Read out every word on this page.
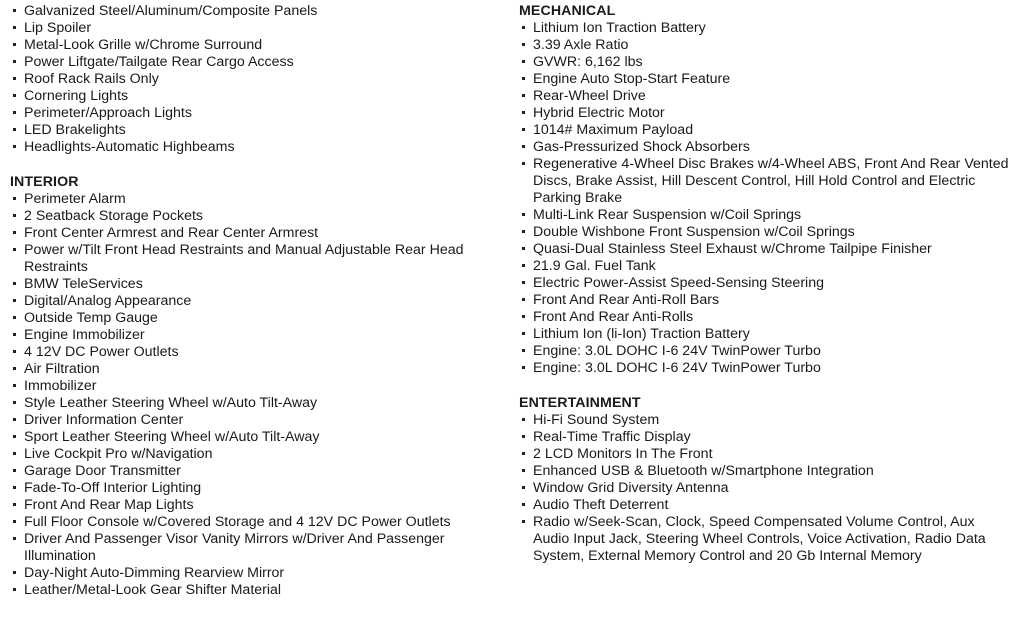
Galvanized Steel/Aluminum/Composite Panels
Lip Spoiler
Metal-Look Grille w/Chrome Surround
Power Liftgate/Tailgate Rear Cargo Access
Roof Rack Rails Only
Cornering Lights
Perimeter/Approach Lights
LED Brakelights
Headlights-Automatic Highbeams
INTERIOR
Perimeter Alarm
2 Seatback Storage Pockets
Front Center Armrest and Rear Center Armrest
Power w/Tilt Front Head Restraints and Manual Adjustable Rear Head Restraints
BMW TeleServices
Digital/Analog Appearance
Outside Temp Gauge
Engine Immobilizer
4 12V DC Power Outlets
Air Filtration
Immobilizer
Style Leather Steering Wheel w/Auto Tilt-Away
Driver Information Center
Sport Leather Steering Wheel w/Auto Tilt-Away
Live Cockpit Pro w/Navigation
Garage Door Transmitter
Fade-To-Off Interior Lighting
Front And Rear Map Lights
Full Floor Console w/Covered Storage and 4 12V DC Power Outlets
Driver And Passenger Visor Vanity Mirrors w/Driver And Passenger Illumination
Day-Night Auto-Dimming Rearview Mirror
Leather/Metal-Look Gear Shifter Material
MECHANICAL
Lithium Ion Traction Battery
3.39 Axle Ratio
GVWR: 6,162 lbs
Engine Auto Stop-Start Feature
Rear-Wheel Drive
Hybrid Electric Motor
1014# Maximum Payload
Gas-Pressurized Shock Absorbers
Regenerative 4-Wheel Disc Brakes w/4-Wheel ABS, Front And Rear Vented Discs, Brake Assist, Hill Descent Control, Hill Hold Control and Electric Parking Brake
Multi-Link Rear Suspension w/Coil Springs
Double Wishbone Front Suspension w/Coil Springs
Quasi-Dual Stainless Steel Exhaust w/Chrome Tailpipe Finisher
21.9 Gal. Fuel Tank
Electric Power-Assist Speed-Sensing Steering
Front And Rear Anti-Roll Bars
Front And Rear Anti-Rolls
Lithium Ion (li-Ion) Traction Battery
Engine: 3.0L DOHC I-6 24V TwinPower Turbo
Engine: 3.0L DOHC I-6 24V TwinPower Turbo
ENTERTAINMENT
Hi-Fi Sound System
Real-Time Traffic Display
2 LCD Monitors In The Front
Enhanced USB & Bluetooth w/Smartphone Integration
Window Grid Diversity Antenna
Audio Theft Deterrent
Radio w/Seek-Scan, Clock, Speed Compensated Volume Control, Aux Audio Input Jack, Steering Wheel Controls, Voice Activation, Radio Data System, External Memory Control and 20 Gb Internal Memory
